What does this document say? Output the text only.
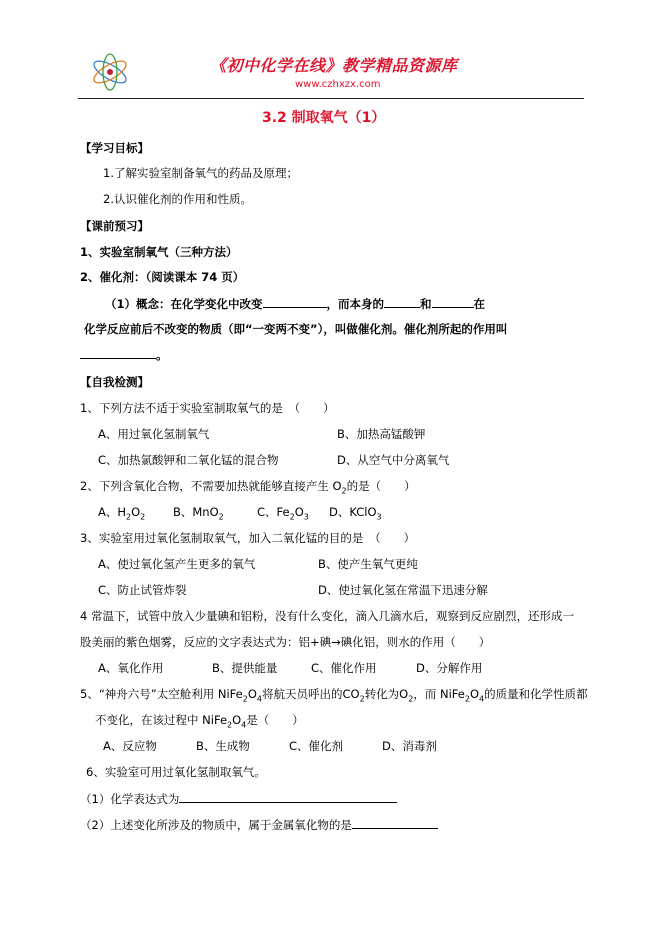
《初中化学在线》教学精品资源库
www.czhxzx.com
3.2 制取氧气（1）
【学习目标】
1.了解实验室制备氧气的药品及原理；
2.认识催化剂的作用和性质。
【课前预习】
1、实验室制氧气（三种方法）
2、催化剂：（阅读课本 74 页）
（1）概念：在化学变化中改变	，而本身的	和	在
化学反应前后不改变的物质（即“一变两不变”），叫做催化剂。催化剂所起的作用叫
。
【自我检测】
1、下列方法不适于实验室制取氧气的是　（　　）
A、用过氧化氢制氧气	B、加热高锰酸钾
C、加热氯酸钾和二氧化锰的混合物	D、从空气中分离氧气
2、下列含氧化合物，不需要加热就能够直接产生 $O_2$的是（　　）
A、$H_2O_2$ B、MnO$_2$	C、$Fe_2O_3$ D、KClO$_3$
3、实验室用过氧化氢制取氧气，加入二氧化锰的目的是　（　　）
A、使过氧化氢产生更多的氧气	B、使产生氧气更纯
C、防止试管炸裂	D、使过氧化氢在常温下迅速分解
4 常温下，试管中放入少量碘和铝粉，没有什么变化，滴入几滴水后，观察到反应剧烈，还形成一
股美丽的紫色烟雾，反应的文字表达式为：铝+碘→碘化铝，则水的作用（　　）
A、氧化作用	B、提供能量	C、催化作用	D、分解作用
5、“神舟六号”太空舱利用 $NiFe_2O_4$将航天员呼出的$CO_2$转化为$O_2$，而 $NiFe_2O_4$的质量和化学性质都
不变化，在该过程中 $NiFe_2O_4$是（　　）
A、反应物	B、生成物	C、催化剂	D、消毒剂
6、实验室可用过氧化氢制取氧气。
（1）化学表达式为
（2）上述变化所涉及的物质中，属于金属氧化物的是
